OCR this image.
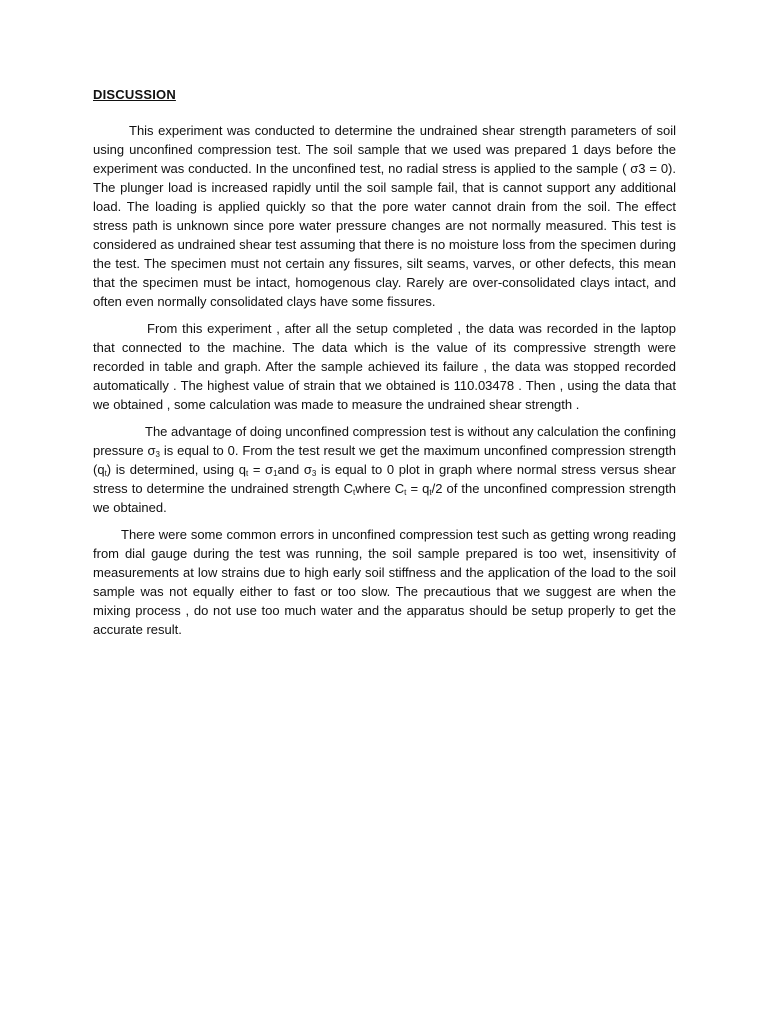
DISCUSSION

This experiment was conducted to determine the undrained shear strength parameters of soil using unconfined compression test. The soil sample that we used was prepared 1 days before the experiment was conducted. In the unconfined test, no radial stress is applied to the sample ( σ3 = 0). The plunger load is increased rapidly until the soil sample fail, that is cannot support any additional load. The loading is applied quickly so that the pore water cannot drain from the soil. The effect stress path is unknown since pore water pressure changes are not normally measured. This test is considered as undrained shear test assuming that there is no moisture loss from the specimen during the test. The specimen must not certain any fissures, silt seams, varves, or other defects, this mean that the specimen must be intact, homogenous clay. Rarely are over-consolidated clays intact, and often even normally consolidated clays have some fissures.

From this experiment , after all the setup completed , the data was recorded in the laptop that connected to the machine. The data which is the value of its compressive strength were recorded in table and graph. After the sample achieved its failure , the data was stopped recorded automatically . The highest value of strain that we obtained is 110.03478 . Then , using the data that we obtained , some calculation was made to measure the undrained shear strength .

The advantage of doing unconfined compression test is without any calculation the confining pressure $\sigma_3$ is equal to 0. From the test result we get the maximum unconfined compression strength $(q_t)$ is determined, using $q_t = \sigma_1and$ $\sigma_3$ is equal to 0 plot in graph where normal stress versus shear stress to determine the undrained strength $C_twhere$ $C_t = q_t/2$ of the unconfined compression strength we obtained.

There were some common errors in unconfined compression test such as getting wrong reading from dial gauge during the test was running, the soil sample prepared is too wet, insensitivity of measurements at low strains due to high early soil stiffness and the application of the load to the soil sample was not equally either to fast or too slow. The precautious that we suggest are when the mixing process , do not use too much water and the apparatus should be setup properly to get the accurate result.
